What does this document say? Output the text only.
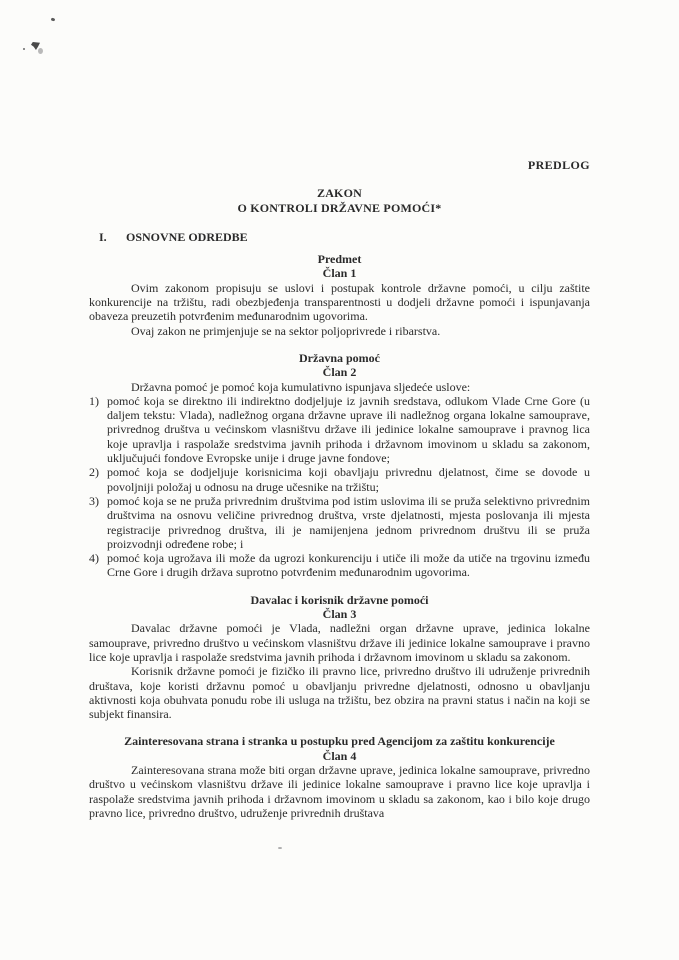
PREDLOG
ZAKON
O KONTROLI DRŽAVNE POMOĆI*
I. OSNOVNE ODREDBE
Predmet
Član 1

Ovim zakonom propisuju se uslovi i postupak kontrole državne pomoći, u cilju zaštite konkurencije na tržištu, radi obezbjeđenja transparentnosti u dodjeli državne pomoći i ispunjavanja obaveza preuzetih potvrđenim međunarodnim ugovorima.

Ovaj zakon ne primjenjuje se na sektor poljoprivrede i ribarstva.

Državna pomoć
Član 2

Državna pomoć je pomoć koja kumulativno ispunjava sljedeće uslove:

1) pomoć koja se direktno ili indirektno dodjeljuje iz javnih sredstava, odlukom Vlade Crne Gore (u daljem tekstu: Vlada), nadležnog organa državne uprave ili nadležnog organa lokalne samouprave, privrednog društva u većinskom vlasništvu države ili jedinice lokalne samouprave i pravnog lica koje upravlja i raspolaže sredstvima javnih prihoda i državnom imovinom u skladu sa zakonom, uključujući fondove Evropske unije i druge javne fondove;
2) pomoć koja se dodjeljuje korisnicima koji obavljaju privrednu djelatnost, čime se dovode u povoljniji položaj u odnosu na druge učesnike na tržištu;
3) pomoć koja se ne pruža privrednim društvima pod istim uslovima ili se pruža selektivno privrednim društvima na osnovu veličine privrednog društva, vrste djelatnosti, mjesta poslovanja ili mjesta registracije privrednog društva, ili je namijenjena jednom privrednom društvu ili se pruža proizvodnji određene robe; i
4) pomoć koja ugrožava ili može da ugrozi konkurenciju i utiče ili može da utiče na trgovinu između Crne Gore i drugih država suprotno potvrđenim međunarodnim ugovorima.
Davalac i korisnik državne pomoći
Član 3

Davalac državne pomoći je Vlada, nadležni organ državne uprave, jedinica lokalne samouprave, privredno društvo u većinskom vlasništvu države ili jedinice lokalne samouprave i pravno lice koje upravlja i raspolaže sredstvima javnih prihoda i državnom imovinom u skladu sa zakonom.

Korisnik državne pomoći je fizičko ili pravno lice, privredno društvo ili udruženje privrednih društava, koje koristi državnu pomoć u obavljanju privredne djelatnosti, odnosno u obavljanju aktivnosti koja obuhvata ponudu robe ili usluga na tržištu, bez obzira na pravni status i način na koji se subjekt finansira.

Zainteresovana strana i stranka u postupku pred Agencijom za zaštitu konkurencije
Član 4

Zainteresovana strana može biti organ državne uprave, jedinica lokalne samouprave, privredno društvo u većinskom vlasništvu države ili jedinice lokalne samouprave i pravno lice koje upravlja i raspolaže sredstvima javnih prihoda i državnom imovinom u skladu sa zakonom, kao i bilo koje drugo pravno lice, privredno društvo, udruženje privrednih društava
